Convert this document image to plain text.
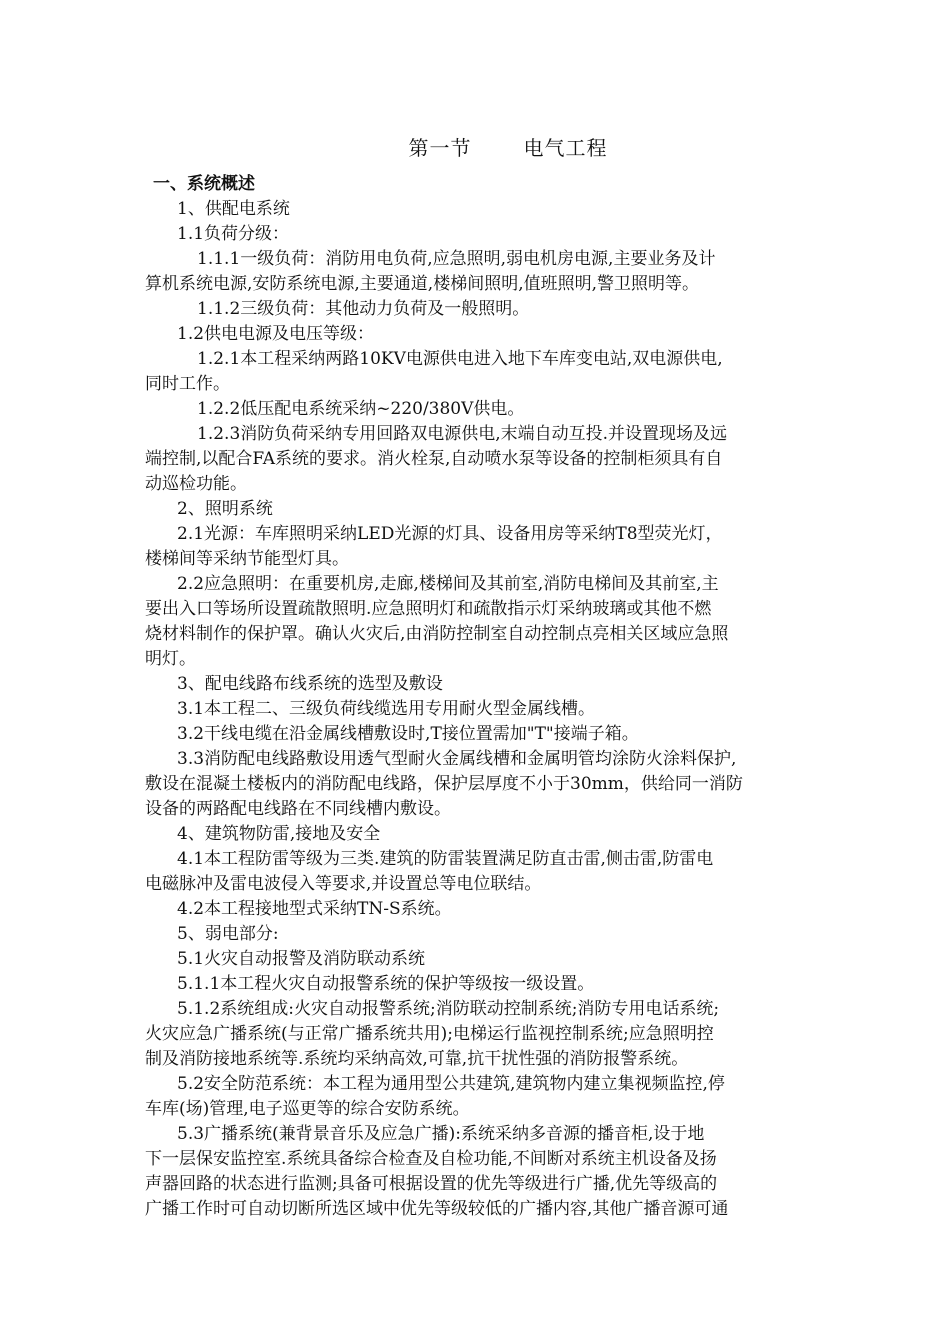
第一节	电气工程

一、系统概述

1、供配电系统

1.1负荷分级：

1.1.1一级负荷：消防用电负荷,应急照明,弱电机房电源,主要业务及计

算机系统电源,安防系统电源,主要通道,楼梯间照明,值班照明,警卫照明等。

1.1.2三级负荷：其他动力负荷及一般照明。

1.2供电电源及电压等级：

1.2.1本工程采纳两路10KV电源供电进入地下车库变电站,双电源供电,

同时工作。

1.2.2低压配电系统采纳~220/380V供电。

1.2.3消防负荷采纳专用回路双电源供电,末端自动互投.并设置现场及远

端控制,以配合FA系统的要求。消火栓泵,自动喷水泵等设备的控制柜须具有自

动巡检功能。

2、照明系统

2.1光源：车库照明采纳LED光源的灯具、设备用房等采纳T8型荧光灯，

楼梯间等采纳节能型灯具。

2.2应急照明：在重要机房,走廊,楼梯间及其前室,消防电梯间及其前室,主

要出入口等场所设置疏散照明.应急照明灯和疏散指示灯采纳玻璃或其他不燃

烧材料制作的保护罩。确认火灾后,由消防控制室自动控制点亮相关区域应急照

明灯。

3、配电线路布线系统的选型及敷设

3.1本工程二、三级负荷线缆选用专用耐火型金属线槽。

3.2干线电缆在沿金属线槽敷设时,T接位置需加"T"接端子箱。

3.3消防配电线路敷设用透气型耐火金属线槽和金属明管均涂防火涂料保护,

敷设在混凝土楼板内的消防配电线路，保护层厚度不小于30mm，供给同一消防

设备的两路配电线路在不同线槽内敷设。

4、建筑物防雷,接地及安全

4.1本工程防雷等级为三类.建筑的防雷装置满足防直击雷,侧击雷,防雷电

电磁脉冲及雷电波侵入等要求,并设置总等电位联结。

4.2本工程接地型式采纳TN-S系统。

5、弱电部分:

5.1火灾自动报警及消防联动系统

5.1.1本工程火灾自动报警系统的保护等级按一级设置。

5.1.2系统组成:火灾自动报警系统;消防联动控制系统;消防专用电话系统;

火灾应急广播系统(与正常广播系统共用);电梯运行监视控制系统;应急照明控

制及消防接地系统等.系统均采纳高效,可靠,抗干扰性强的消防报警系统。

5.2安全防范系统：本工程为通用型公共建筑,建筑物内建立集视频监控,停

车库(场)管理,电子巡更等的综合安防系统。

5.3广播系统(兼背景音乐及应急广播):系统采纳多音源的播音柜,设于地

下一层保安监控室.系统具备综合检查及自检功能,不间断对系统主机设备及扬

声器回路的状态进行监测;具备可根据设置的优先等级进行广播,优先等级高的

广播工作时可自动切断所选区域中优先等级较低的广播内容,其他广播音源可通
